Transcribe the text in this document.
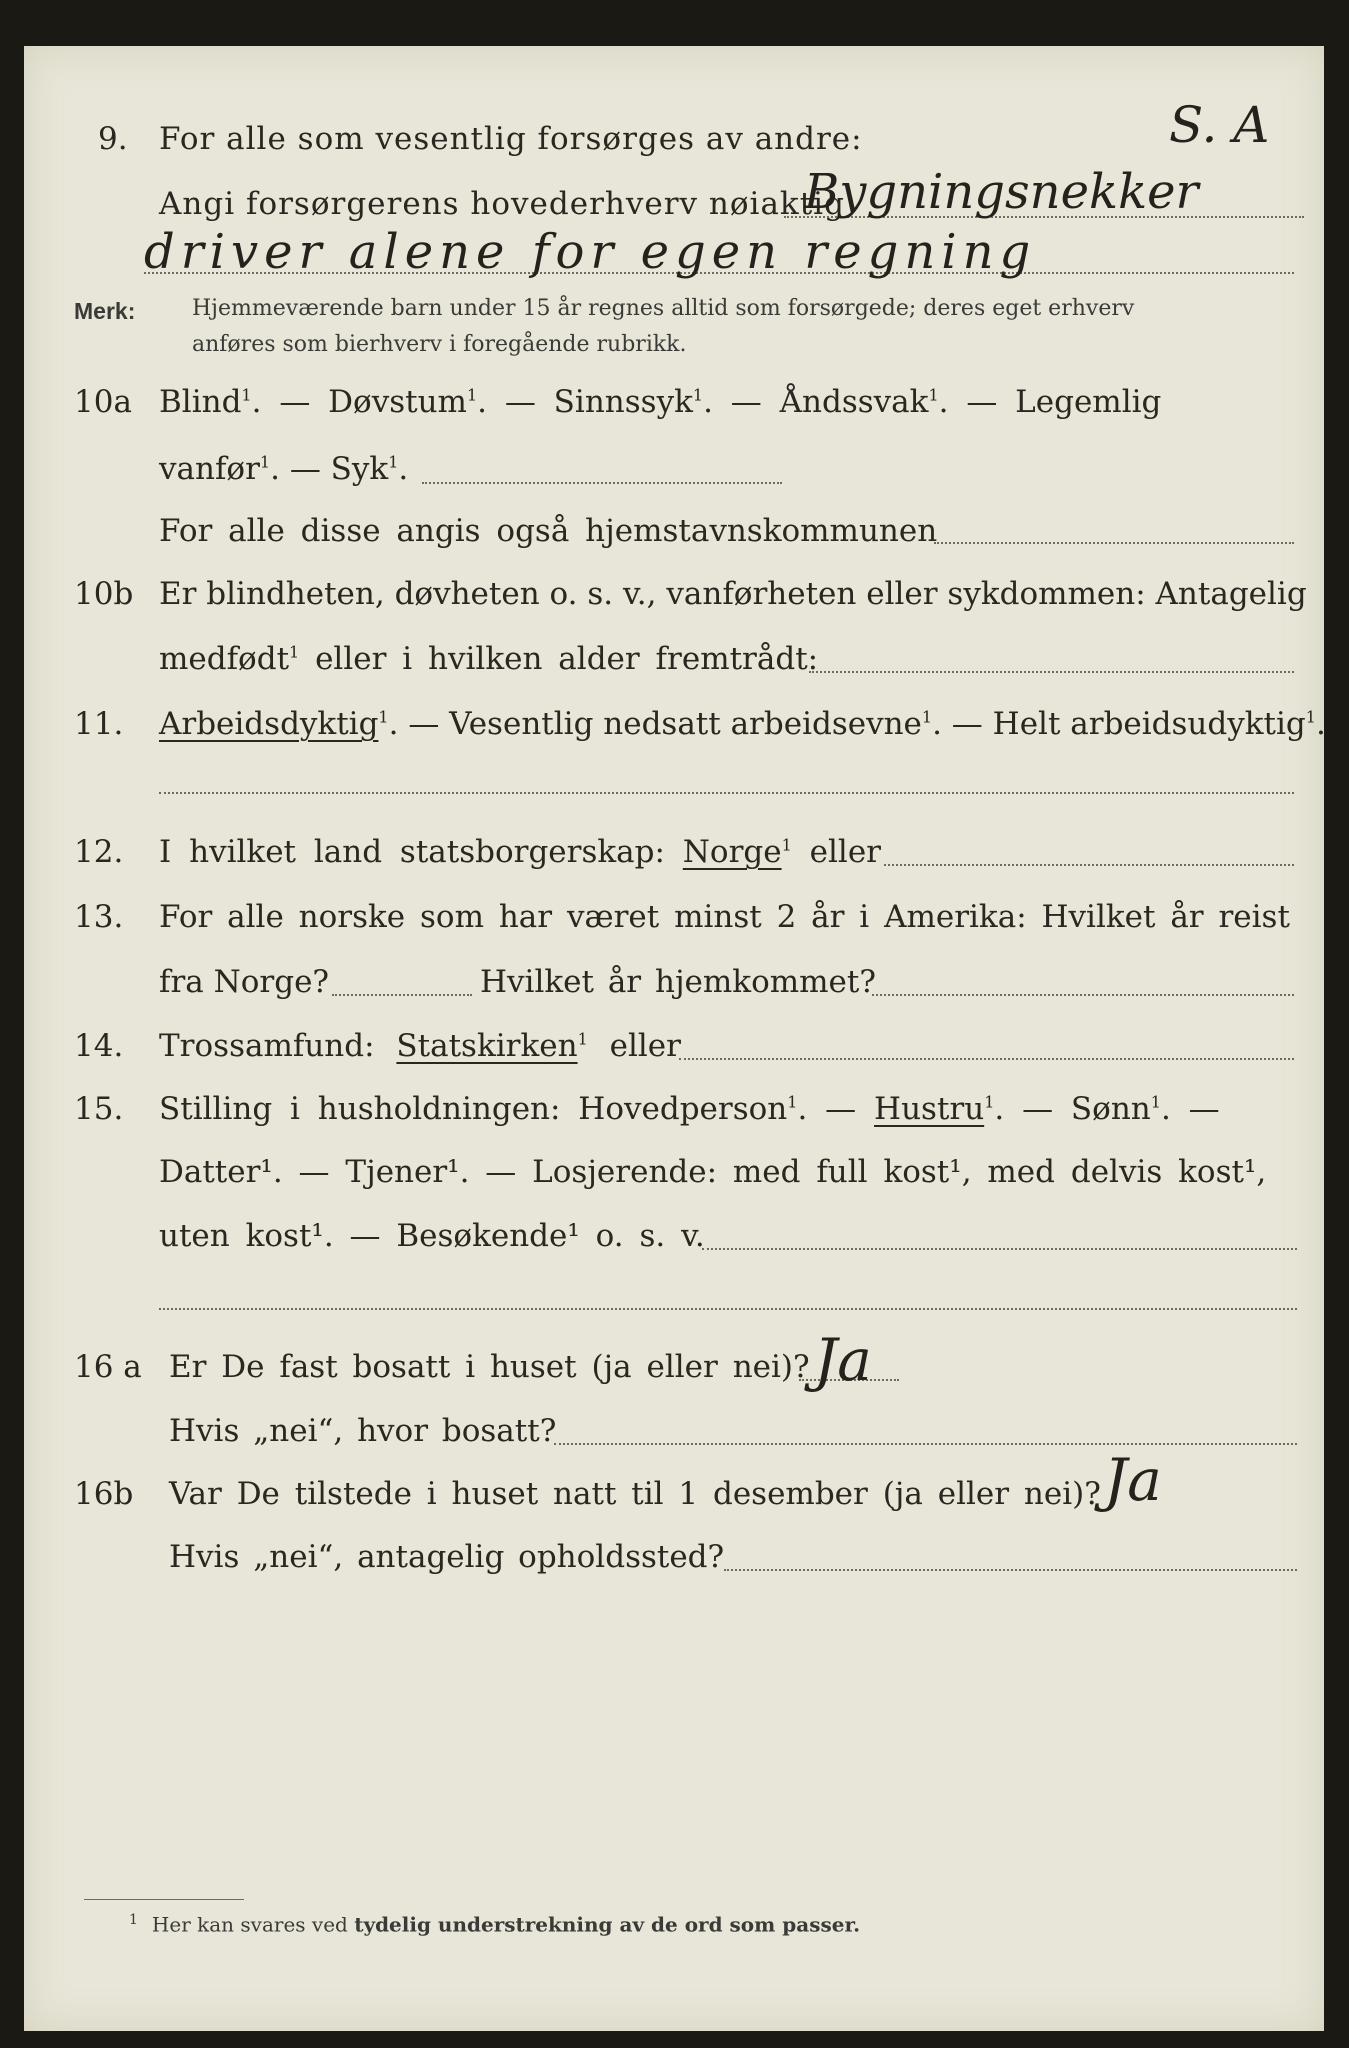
9. For alle som vesentlig forsørges av andre:	S. A
Angi forsørgerens hovederhverv nøiaktig
Bygningsnekker
driver alene for egen regning
Merk:	Hjemmeværende barn under 15 år regnes alltid som forsørgede; deres eget erhverv
anføres som bierhverv i foregående rubrikk.
10a Blind$^1$. — Døvstum$^1$. — Sinnssyk$^1$. — Åndssvak$^1$. — Legemlig
vanfør$^1$. — Syk$^1$.
For alle disse angis også hjemstavnskommunen
10b Er blindheten, døvheten o. s. v., vanførheten eller sykdommen: Antagelig
medfødt$^1$ eller i hvilken alder fremtrådt:
11. Arbeidsdyktig$^1$. — Vesentlig nedsatt arbeidsevne$^1$. — Helt arbeidsudyktig$^1$.
12. I hvilket land statsborgerskap: Norge$^1$ eller
13. For alle norske som har været minst 2 år i Amerika: Hvilket år reist
fra Norge?	Hvilket år hjemkommet?
14. Trossamfund: Statskirken$^1$ eller
15. Stilling i husholdningen: Hovedperson$^1$. — Hustru$^1$. — Sønn$^1$. —
Datter¹. — Tjener¹. — Losjerende: med full kost¹, med delvis kost¹,
uten kost¹. — Besøkende¹ o. s. v.
16 a Er De fast bosatt i huset (ja eller nei)? Ja
Hvis „nei“, hvor bosatt?
16b Var De tilstede i huset natt til 1 desember (ja eller nei)? Ja
Hvis „nei“, antagelig opholdssted?
$^1$ Her kan svares ved tydelig understrekning av de ord som passer.
